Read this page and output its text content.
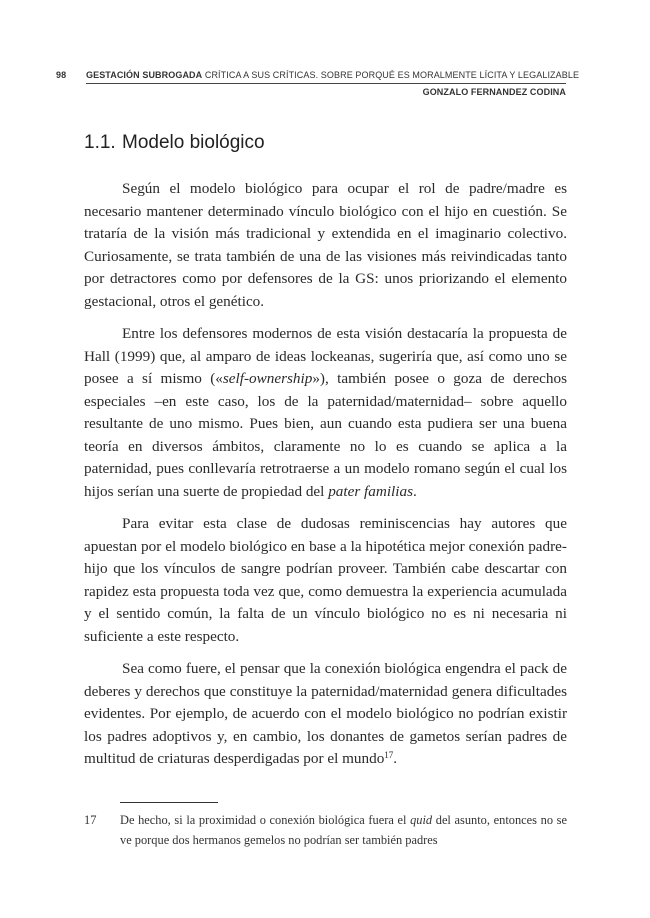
98 GESTACIÓN SUBROGADA CRÍTICA A SUS CRÍTICAS. SOBRE PORQUÉ ES MORALMENTE LÍCITA Y LEGALIZABLE
GONZALO FERNANDEZ CODINA
1.1. Modelo biológico

Según el modelo biológico para ocupar el rol de padre/madre es necesario mantener determinado vínculo biológico con el hijo en cuestión. Se trataría de la visión más tradicional y extendida en el imaginario colectivo. Curiosamente, se trata también de una de las visiones más reivindicadas tanto por detractores como por defensores de la GS: unos priorizando el elemento gestacional, otros el genético.

Entre los defensores modernos de esta visión destacaría la propuesta de Hall (1999) que, al amparo de ideas lockeanas, sugeriría que, así como uno se posee a sí mismo («self-ownership»), también posee o goza de derechos especiales –en este caso, los de la paternidad/maternidad– sobre aquello resultante de uno mismo. Pues bien, aun cuando esta pudiera ser una buena teoría en diversos ámbitos, claramente no lo es cuando se aplica a la paternidad, pues conllevaría retrotraerse a un modelo romano según el cual los hijos serían una suerte de propiedad del pater familias.

Para evitar esta clase de dudosas reminiscencias hay autores que apuestan por el modelo biológico en base a la hipotética mejor conexión padre-hijo que los vínculos de sangre podrían proveer. También cabe descartar con rapidez esta propuesta toda vez que, como demuestra la experiencia acumulada y el sentido común, la falta de un vínculo biológico no es ni necesaria ni suficiente a este respecto.

Sea como fuere, el pensar que la conexión biológica engendra el pack de deberes y derechos que constituye la paternidad/maternidad genera dificultades evidentes. Por ejemplo, de acuerdo con el modelo biológico no podrían existir los padres adoptivos y, en cambio, los donantes de gametos serían padres de multitud de criaturas desperdigadas por el mundo$^{17}$.

17 De hecho, si la proximidad o conexión biológica fuera el quid del asunto, entonces no se ve porque dos hermanos gemelos no podrían ser también padres
